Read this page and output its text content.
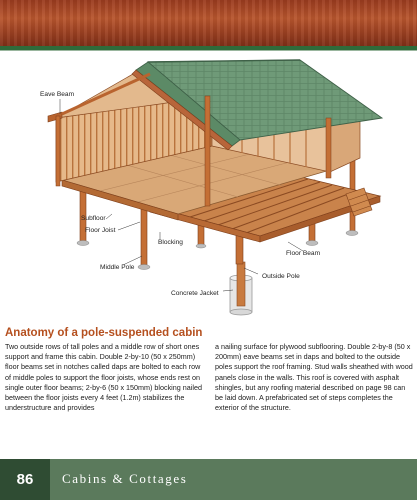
Eave Beam
Subfloor
Floor Joist
Blocking
Floor Beam
Middle Pole
Outside Pole
Concrete Jacket
Anatomy of a pole-suspended cabin
Two outside rows of tall poles and a middle row of short ones support and frame this cabin. Double 2-by-10 (50 x 250mm) floor beams set in notches called daps are bolted to each row of middle poles to support the floor joists, whose ends rest on single outer floor beams; 2-by-6 (50 x 150mm) blocking nailed between the floor joists every 4 feet (1.2m) stabilizes the understructure and provides
a nailing surface for plywood subflooring. Double 2-by-8 (50 x 200mm) eave beams set in daps and bolted to the outside poles support the roof framing. Stud walls sheathed with wood panels close in the walls. This roof is covered with asphalt shingles, but any roofing material described on page 98 can be laid down. A prefabricated set of steps completes the exterior of the structure.
86	Cabins & Cottages
